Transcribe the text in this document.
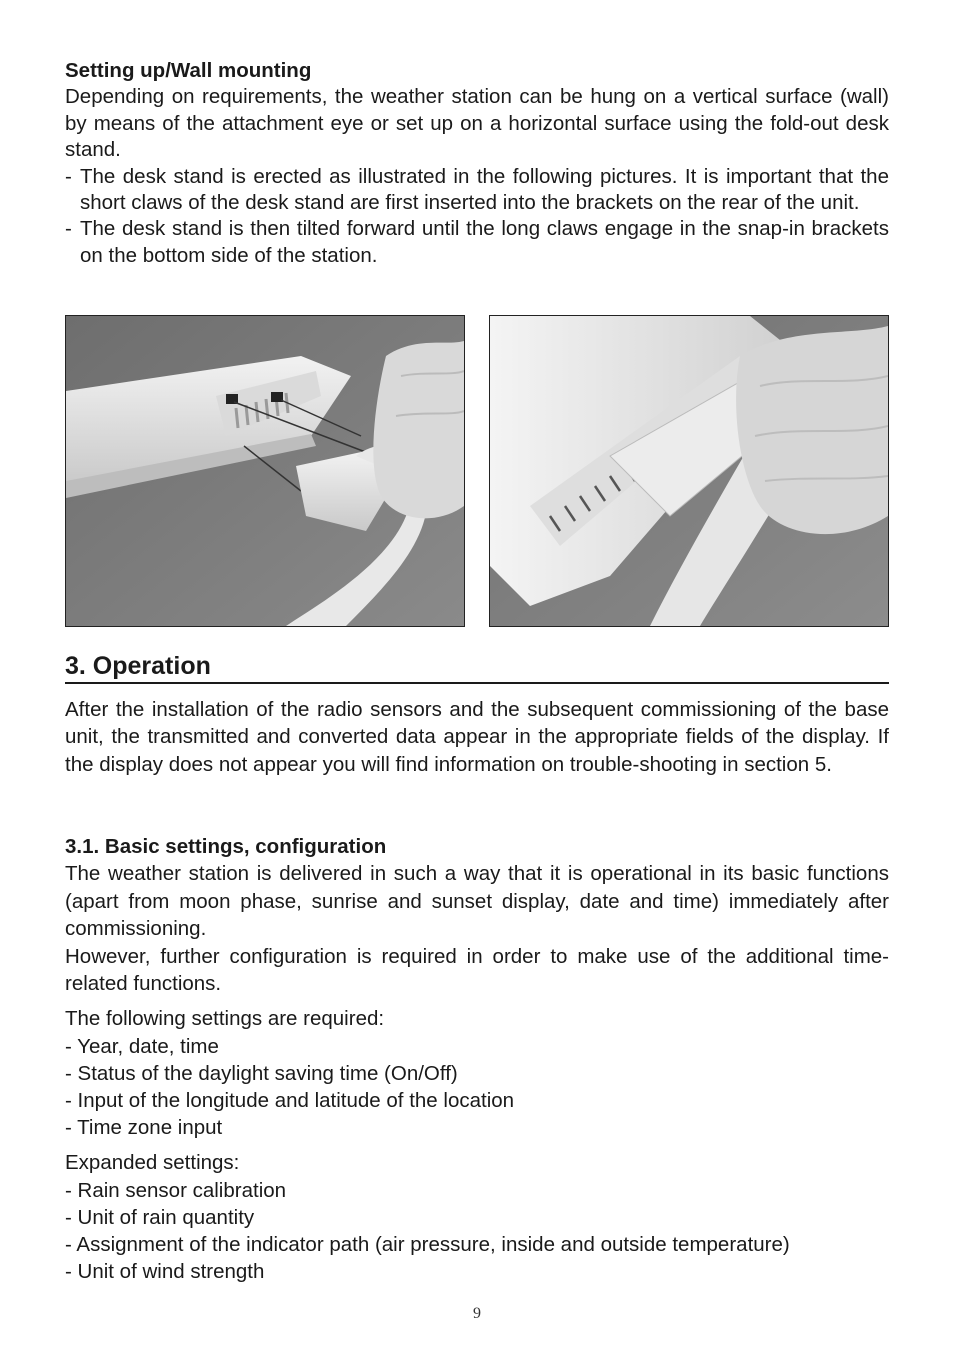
Setting up/Wall mounting

Depending on requirements, the weather station can be hung on a vertical surface (wall) by means of the attachment eye or set up on a horizontal surface using the fold-out desk stand.

- The desk stand is erected as illustrated in the following pictures. It is important that the short claws of the desk stand are first inserted into the brackets on the rear of the unit.

- The desk stand is then tilted forward until the long claws engage in the snap-in brackets on the bottom side of the station.

3. Operation

After the installation of the radio sensors and the subsequent commissioning of the base unit, the transmitted and converted data appear in the appropriate fields of the display. If the display does not appear you will find information on trouble-shooting in section 5.

3.1. Basic settings, configuration

The weather station is delivered in such a way that it is operational in its basic functions (apart from moon phase, sunrise and sunset display, date and time) immediately after commissioning.

However, further configuration is required in order to make use of the additional time-related functions.

The following settings are required:

- Year, date, time

- Status of the daylight saving time (On/Off)

- Input of the longitude and latitude of the location

- Time zone input

Expanded settings:

- Rain sensor calibration

- Unit of rain quantity

- Assignment of the indicator path (air pressure, inside and outside temperature)

- Unit of wind strength

9
